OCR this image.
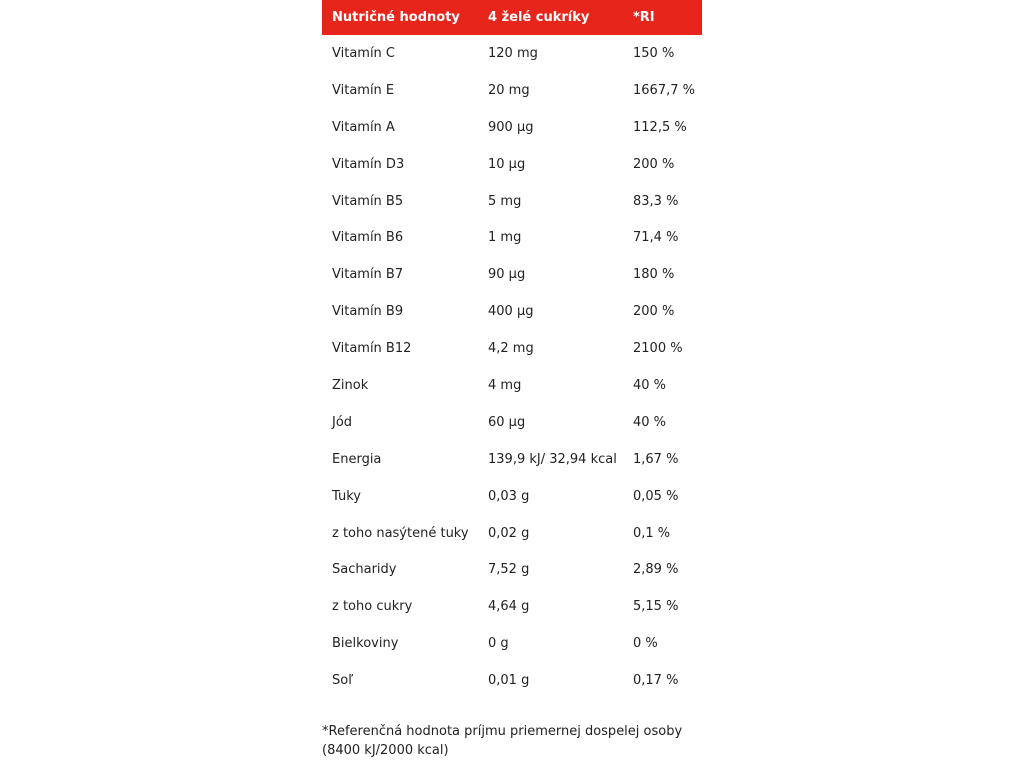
Nutričné hodnoty	4 želé cukríky	*RI
Vitamín C	120 mg	150 %
Vitamín E	20 mg	1667,7 %
Vitamín A	900 µg	112,5 %
Vitamín D3	10 µg	200 %
Vitamín B5	5 mg	83,3 %
Vitamín B6	1 mg	71,4 %
Vitamín B7	90 µg	180 %
Vitamín B9	400 µg	200 %
Vitamín B12	4,2 mg	2100 %
Zinok	4 mg	40 %
Jód	60 µg	40 %
Energia	139,9 kJ/ 32,94 kcal	1,67 %
Tuky	0,03 g	0,05 %
z toho nasýtené tuky	0,02 g	0,1 %
Sacharidy	7,52 g	2,89 %
z toho cukry	4,64 g	5,15 %
Bielkoviny	0 g	0 %
Soľ	0,01 g	0,17 %
*Referenčná hodnota príjmu priemernej dospelej osoby
(8400 kJ/2000 kcal)
